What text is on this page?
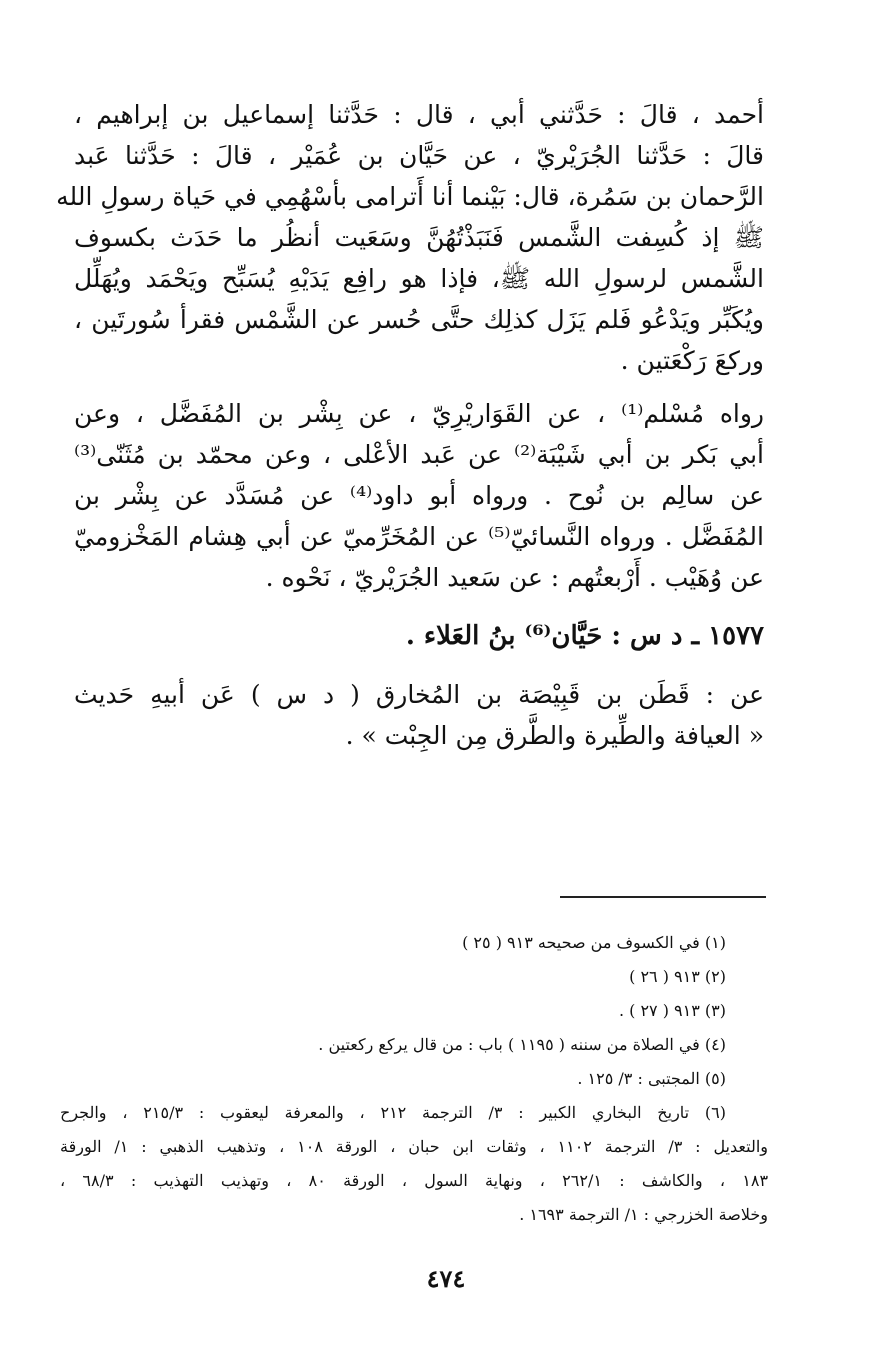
أحمد ، قالَ : حَدَّثني أبي ، قال : حَدَّثنا إسماعيل بن إبراهيم ،
قالَ : حَدَّثنا الجُرَيْريّ ، عن حَيَّان بن عُمَيْر ، قالَ : حَدَّثنا عَبد
الرَّحمان بن سَمُرة، قال: بَيْنما أنا أَترامى بأسْهُمِي في حَياة رسولِ الله
ﷺ إذ كُسِفت الشَّمس فَنَبَذْتُهُنَّ وسَعَيت أنظُر ما حَدَث بكسوف
الشَّمس لرسولِ الله ﷺ، فإذا هو رافِع يَدَيْهِ يُسَبِّح ويَحْمَد ويُهَلِّل
ويُكَبِّر ويَدْعُو فَلم يَزَل كذلِك حتَّى حُسر عن الشَّمْس فقرأ سُورتَين ،
وركعَ رَكْعَتين .
رواه مُسْلم⁽¹⁾ ، عن القَوَاريْرِيّ ، عن بِشْر بن المُفَضَّل ، وعن
أبي بَكر بن أبي شَيْبَة⁽²⁾ عن عَبد الأعْلى ، وعن محمّد بن مُثَنّى⁽³⁾
عن سالِم بن نُوح . ورواه أبو داود⁽⁴⁾ عن مُسَدَّد عن بِشْر بن
المُفَضَّل . ورواه النَّسائيّ⁽⁵⁾ عن المُخَرِّميّ عن أبي هِشام المَخْزوميّ
عن وُهَيْب . أَرْبعتُهم : عن سَعيد الجُرَيْريّ ، نَحْوه .
١٥٧٧ ـ د س : حَيَّان⁽⁶⁾ بنُ العَلاء .
عن : قَطَن بن قَبِيْصَة بن المُخارق ( د س ) عَن أبيهِ حَديث
« العيافة والطِّيرة والطَّرق مِن الجِبْت » .
(١) في الكسوف من صحيحه ٩١٣ ( ٢٥ )
(٢) ٩١٣ ( ٢٦ )
(٣) ٩١٣ ( ٢٧ ) .
(٤) في الصلاة من سننه ( ١١٩٥ ) باب : من قال يركع ركعتين .
(٥) المجتبى : ٣/ ١٢٥ .
(٦) تاريخ البخاري الكبير : ٣/ الترجمة ٢١٢ ، والمعرفة ليعقوب : ٢١٥/٣ ، والجرح
والتعديل : ٣/ الترجمة ١١٠٢ ، وثقات ابن حبان ، الورقة ١٠٨ ، وتذهيب الذهبي : ١/ الورقة
١٨٣ ، والكاشف : ٢٦٢/١ ، ونهاية السول ، الورقة ٨٠ ، وتهذيب التهذيب : ٦٨/٣ ،
وخلاصة الخزرجي : ١/ الترجمة ١٦٩٣ .
٤٧٤
